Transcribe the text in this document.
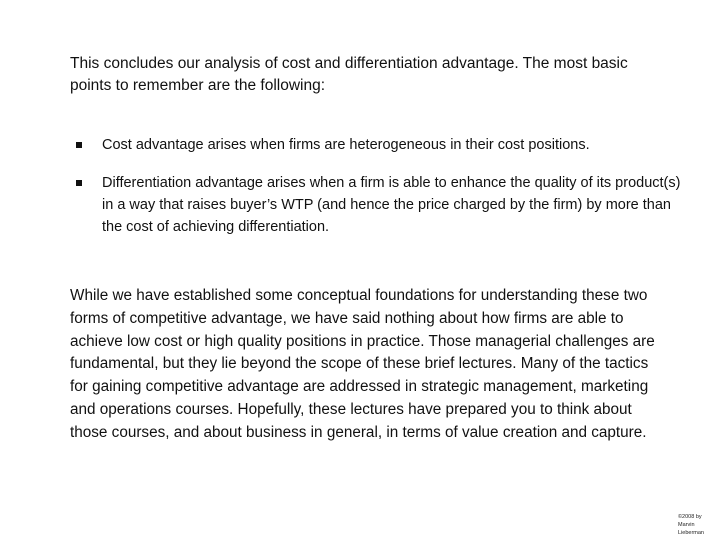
This concludes our analysis of cost and differentiation advantage. The most basic points to remember are the following:

Cost advantage arises when firms are heterogeneous in their cost positions.
Differentiation advantage arises when a firm is able to enhance the quality of its product(s) in a way that raises buyer’s WTP (and hence the price charged by the firm) by more than the cost of achieving differentiation.

While we have established some conceptual foundations for understanding these two forms of competitive advantage, we have said nothing about how firms are able to achieve low cost or high quality positions in practice. Those managerial challenges are fundamental, but they lie beyond the scope of these brief lectures. Many of the tactics for gaining competitive advantage are addressed in strategic management, marketing and operations courses. Hopefully, these lectures have prepared you to think about those courses, and about business in general, in terms of value creation and capture.

©2008 by
Marvin
Lieberman
